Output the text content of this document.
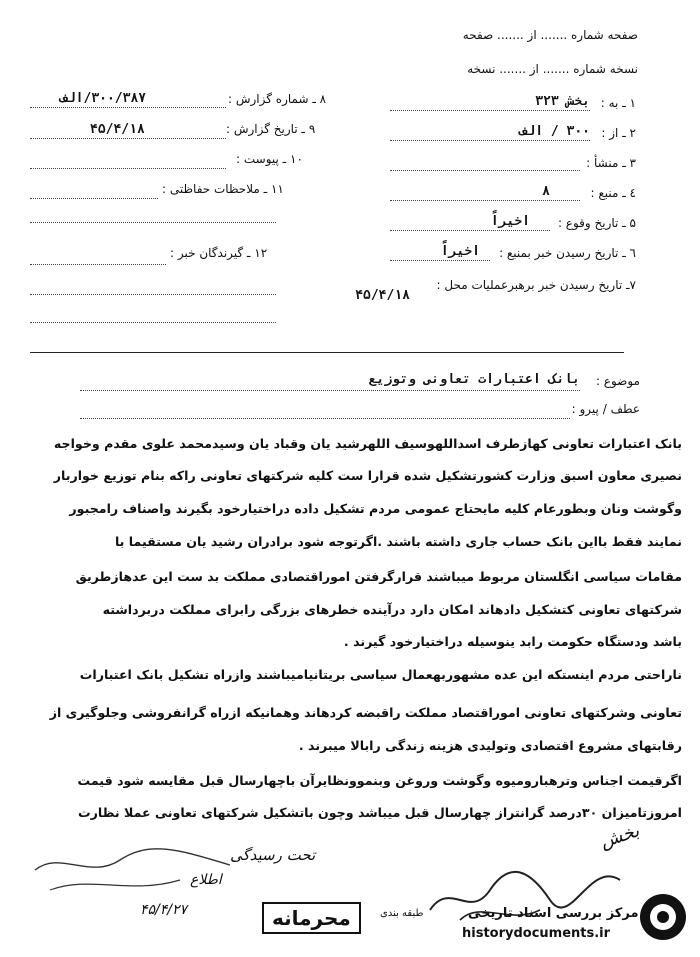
صفحه شماره ....... از ....... صفحه
نسخه شماره ....... از ....... نسخه
۱ ـ به :
بخش ۳۲۳
۲ ـ از :
۳۰۰ / الف
۳ ـ منشأ :
٤ ـ منبع :
۸
۵ ـ تاریخ وقوع :
اخیراً
٦ ـ تاریخ رسیدن خبر بمنبع :
اخیراً
۷ـ تاریخ رسیدن خبر برهبرعملیات محل :
۴۵/۴/۱۸
۸ ـ شماره گزارش :
۳۰۰/۳۸۷/الف
۹ ـ تاریخ گزارش :
۴۵/۴/۱۸
۱۰ ـ پیوست :
۱۱ ـ ملاحظات حفاظتی :
۱۲ ـ گیرندگان خبر :
موضوع :
بانک اعتبارات تعاونی وتوزیع
عطف / پیرو :
بانک اعتبارات تعاونی کهازطرف اسداللهوسیف اللهرشید یان وقباد یان وسیدمحمد علوی مقدم وخواجه
نصیری معاون اسبق وزارت کشورتشکیل شده قرارا ست کلیه شرکتهای تعاونی راکه بنام توزیع خواربار
وگوشت ونان وبطورعام کلیه مایحتاج عمومی مردم تشکیل داده دراختیارخود بگیرند واصناف رامجبور
نمایند فقط بااین بانک حساب جاری داشته باشند .اگرتوجه شود برادران رشید یان مستقیما با
مقامات سیاسی انگلستان مربوط میباشند قرارگرفتن اموراقتصادی مملکت بد ست این عدهازطریق
شرکتهای تعاونی کتشکیل دادهاند امکان دارد درآینده خطرهای بزرگی رابرای مملکت دربرداشته
باشد ودستگاه حکومت رابد ینوسیله دراختیارخود گیرند .
ناراحتی مردم اینستکه این عده مشهوربهعمال سیاسی بریتانیامیباشند وازراه تشکیل بانک اعتبارات
تعاونی وشرکتهای تعاونی اموراقتصاد مملکت راقبضه کردهاند وهمانیکه ازراه گرانفروشی وجلوگیری از
رقابتهای مشروع اقتصادی وتولیدی هزینه زندگی رابالا میبرند .
اگرقیمت اجناس وترهبارومیوه وگوشت وروغن وبنموونظایرآن باچهارسال قبل مقایسه شود قیمت
امروزتامیزان ۳۰درصد گرانتراز چهارسال قبل میباشد وچون باتشکیل شرکتهای تعاونی عملا نظارت
تحت رسیدگی
اطلاع
۴۵/۴/۲۷
بخش
محرمانه	طبقه بندی	مرکز بررسی اسناد تاریخی
historydocuments.ir
